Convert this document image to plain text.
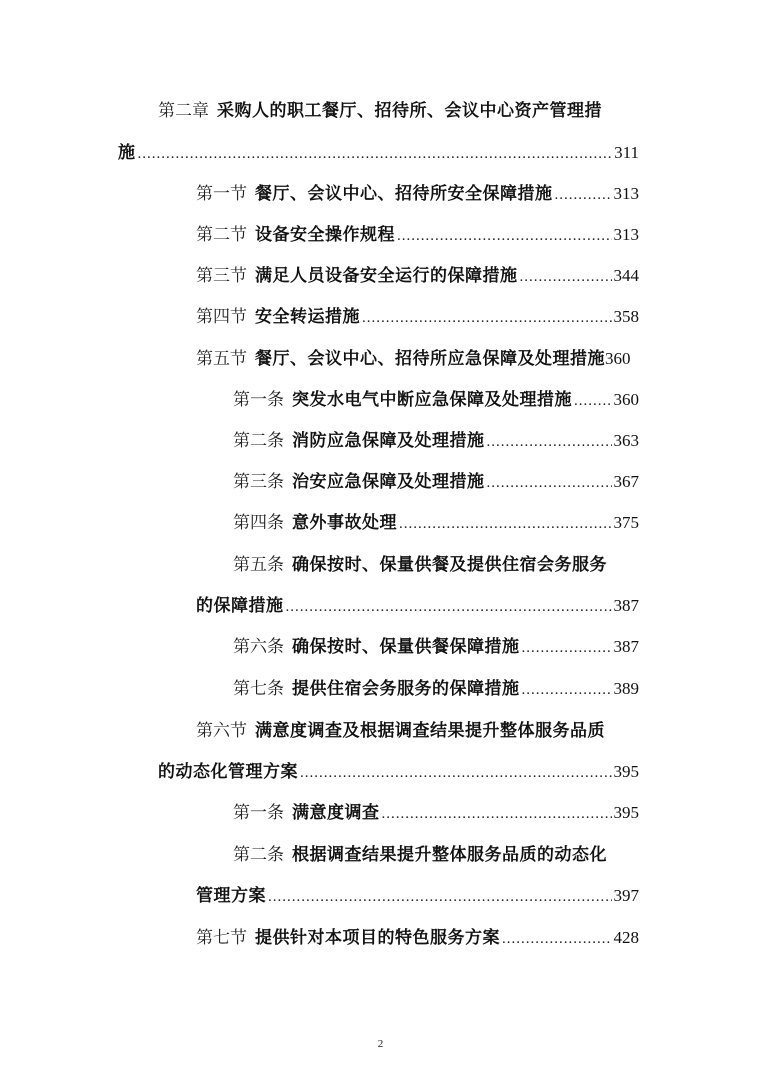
第二章 采购人的职工餐厅、招待所、会议中心资产管理措
施 .....	311
第一节 餐厅、会议中心、招待所安全保障措施 .....	313
第二节 设备安全操作规程 .....	313
第三节 满足人员设备安全运行的保障措施 .....	344
第四节 安全转运措施 .....	358
第五节 餐厅、会议中心、招待所应急保障及处理措施 360
第一条 突发水电气中断应急保障及处理措施 ..... 360
第二条 消防应急保障及处理措施 .....	363
第三条 治安应急保障及处理措施 .....	367
第四条 意外事故处理 .....	375
第五条 确保按时、保量供餐及提供住宿会务服务
的保障措施 .....	387
第六条 确保按时、保量供餐保障措施 .....	387
第七条 提供住宿会务服务的保障措施 .....	389
第六节 满意度调查及根据调查结果提升整体服务品质
的动态化管理方案 .....	395
第一条 满意度调查 .....	395
第二条 根据调查结果提升整体服务品质的动态化
管理方案 .....	397
第七节 提供针对本项目的特色服务方案 .....	428
2
